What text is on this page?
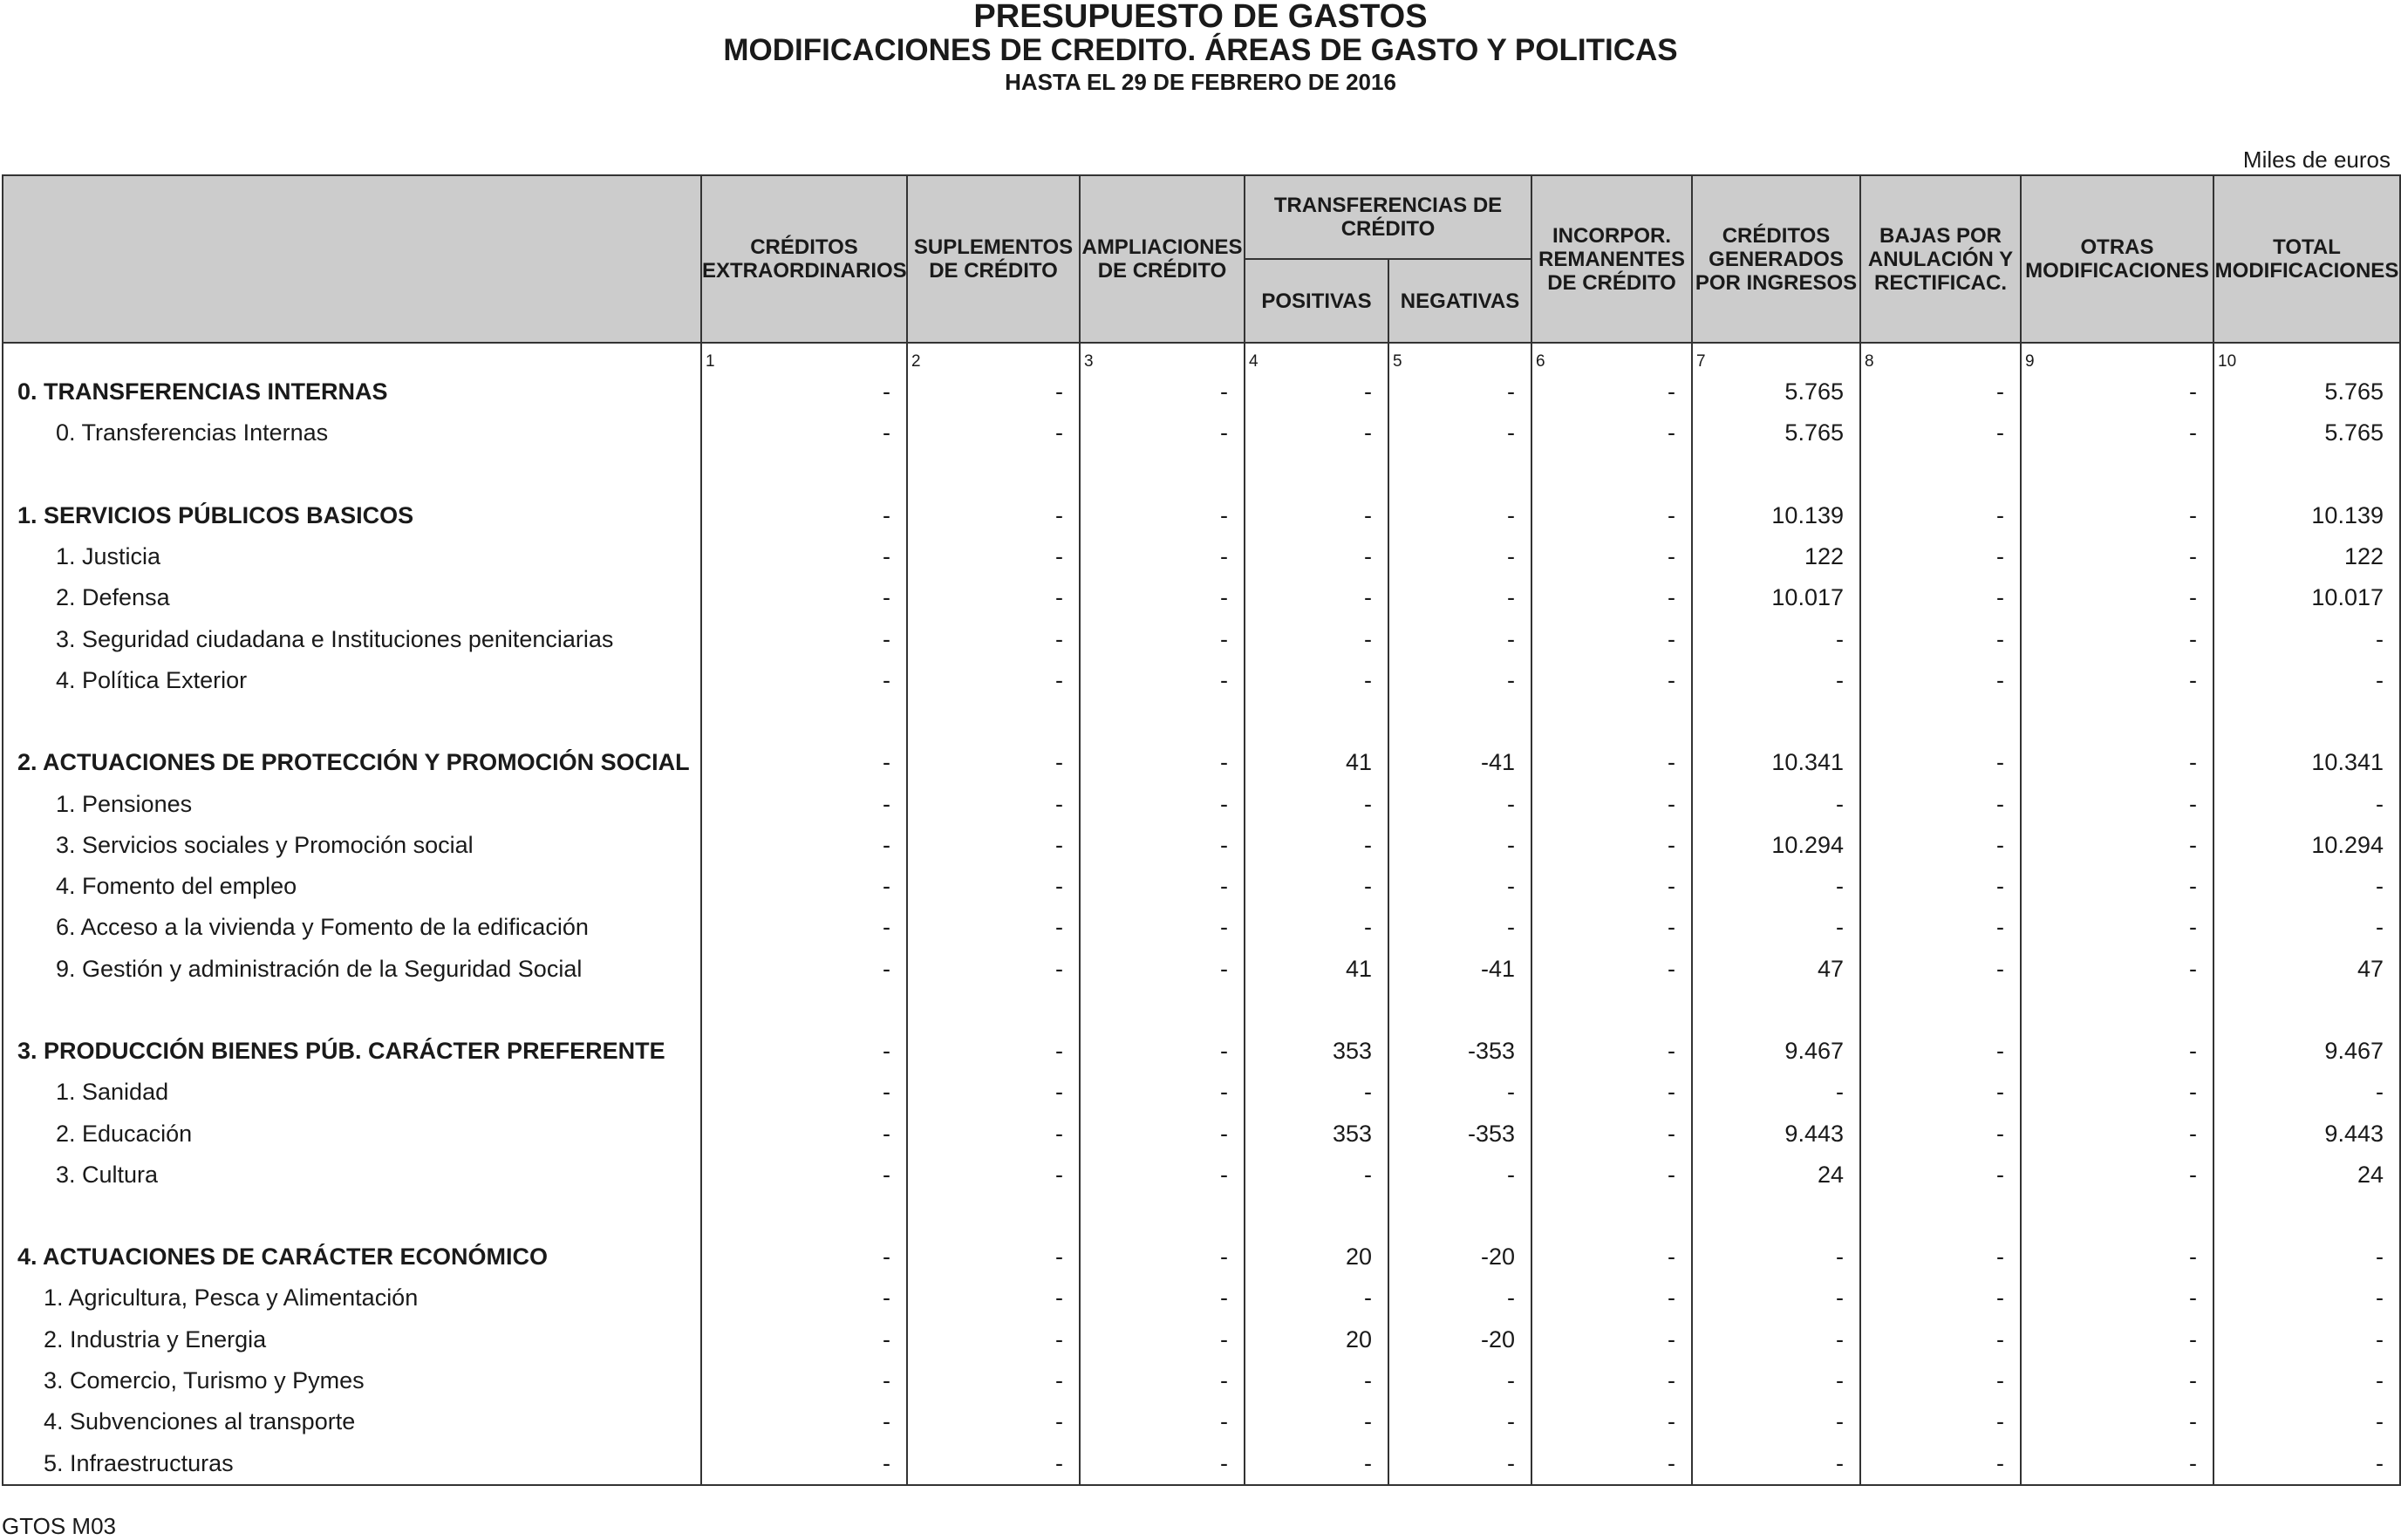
PRESUPUESTO DE GASTOS
MODIFICACIONES DE CREDITO. ÁREAS DE GASTO Y POLITICAS
HASTA EL 29 DE FEBRERO DE 2016
Miles de euros
	CRÉDITOS EXTRAORDINARIOS	SUPLEMENTOS DE CRÉDITO	AMPLIACIONES DE CRÉDITO	TRANSFERENCIAS DE CRÉDITO		INCORPOR. REMANENTES DE CRÉDITO	CRÉDITOS GENERADOS POR INGRESOS	BAJAS POR ANULACIÓN Y RECTIFICAC.	OTRAS MODIFICACIONES	TOTAL MODIFICACIONES
				POSITIVAS	NEGATIVAS					
	1	2	3	4	5	6	7	8	9	10
0. TRANSFERENCIAS INTERNAS	-	-	-	-	-	-	5.765	-	-	5.765
0. Transferencias Internas	-	-	-	-	-	-	5.765	-	-	5.765

1. SERVICIOS PÚBLICOS BASICOS	-	-	-	-	-	-	10.139	-	-	10.139
1. Justicia	-	-	-	-	-	-	122	-	-	122
2. Defensa	-	-	-	-	-	-	10.017	-	-	10.017
3. Seguridad ciudadana e Instituciones penitenciarias	-	-	-	-	-	-	-	-	-	-
4. Política Exterior	-	-	-	-	-	-	-	-	-	-

2. ACTUACIONES DE PROTECCIÓN Y PROMOCIÓN SOCIAL	-	-	-	41	-41	-	10.341	-	-	10.341
1. Pensiones	-	-	-	-	-	-	-	-	-	-
3. Servicios sociales y Promoción social	-	-	-	-	-	-	10.294	-	-	10.294
4. Fomento del empleo	-	-	-	-	-	-	-	-	-	-
6. Acceso a la vivienda y Fomento de la edificación	-	-	-	-	-	-	-	-	-	-
9. Gestión y administración de la Seguridad Social	-	-	-	41	-41	-	47	-	-	47

3. PRODUCCIÓN BIENES PÚB. CARÁCTER PREFERENTE	-	-	-	353	-353	-	9.467	-	-	9.467
1. Sanidad	-	-	-	-	-	-	-	-	-	-
2. Educación	-	-	-	353	-353	-	9.443	-	-	9.443
3. Cultura	-	-	-	-	-	-	24	-	-	24

4. ACTUACIONES DE CARÁCTER ECONÓMICO	-	-	-	20	-20	-	-	-	-	-
1. Agricultura, Pesca y Alimentación	-	-	-	-	-	-	-	-	-	-
2. Industria y Energia	-	-	-	20	-20	-	-	-	-	-
3. Comercio, Turismo y Pymes	-	-	-	-	-	-	-	-	-	-
4. Subvenciones al transporte	-	-	-	-	-	-	-	-	-	-
5. Infraestructuras	-	-	-	-	-	-	-	-	-	-
GTOS M03
